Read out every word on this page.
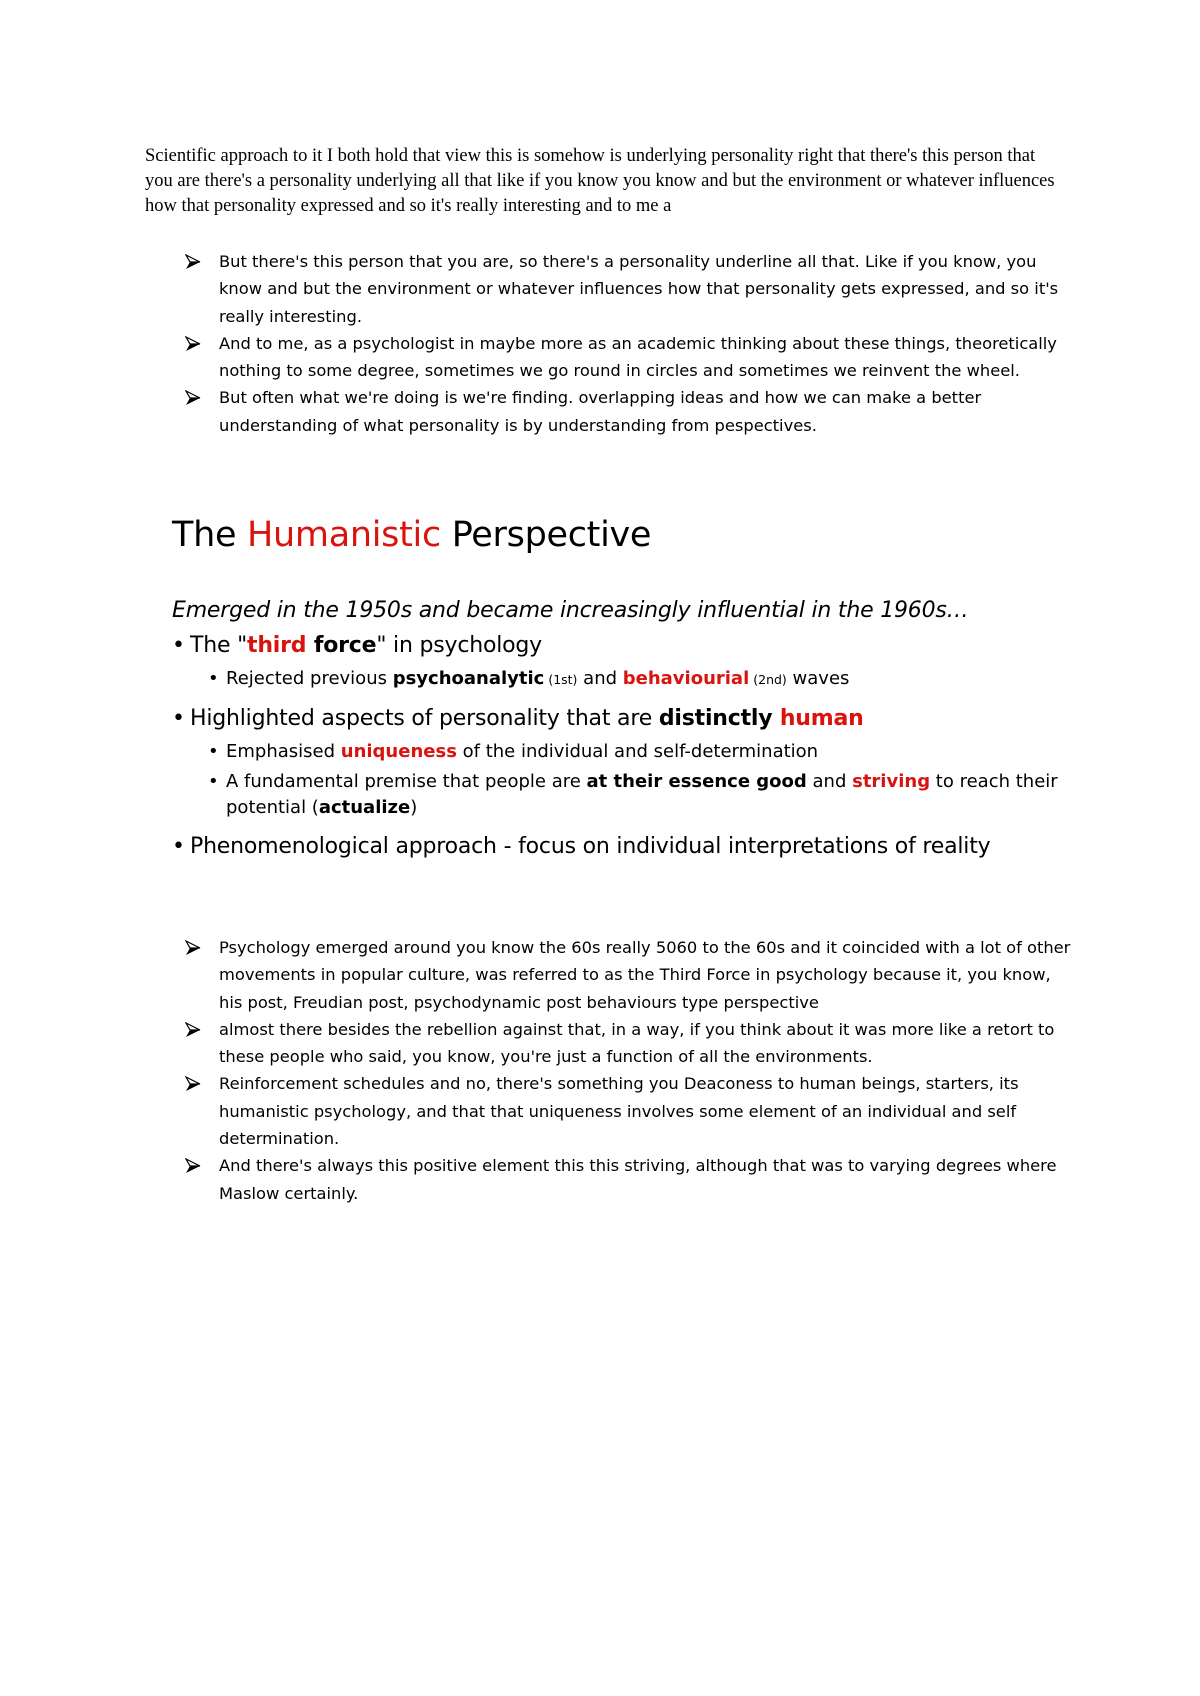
Scientific approach to it I both hold that view this is somehow is underlying personality right that there's this person that you are there's a personality underlying all that like if you know you know and but the environment or whatever influences how that personality expressed and so it's really interesting and to me a

But there's this person that you are, so there's a personality underline all that. Like if you know, you know and but the environment or whatever influences how that personality gets expressed, and so it's really interesting.
And to me, as a psychologist in maybe more as an academic thinking about these things, theoretically nothing to some degree, sometimes we go round in circles and sometimes we reinvent the wheel.
But often what we're doing is we're finding. overlapping ideas and how we can make a better understanding of what personality is by understanding from pespectives.
The Humanistic Perspective
Emerged in the 1950s and became increasingly influential in the 1960s…
• The "third force" in psychology
• Rejected previous psychoanalytic (1st) and behaviourial (2nd) waves
• Highlighted aspects of personality that are distinctly human
• Emphasised uniqueness of the individual and self-determination
• A fundamental premise that people are at their essence good and striving to reach their potential (actualize)
• Phenomenological approach - focus on individual interpretations of reality
Psychology emerged around you know the 60s really 5060 to the 60s and it coincided with a lot of other movements in popular culture, was referred to as the Third Force in psychology because it, you know, his post, Freudian post, psychodynamic post behaviours type perspective
almost there besides the rebellion against that, in a way, if you think about it was more like a retort to these people who said, you know, you're just a function of all the environments.
Reinforcement schedules and no, there's something you Deaconess to human beings, starters, its humanistic psychology, and that that uniqueness involves some element of an individual and self determination.
And there's always this positive element this this striving, although that was to varying degrees where Maslow certainly.
